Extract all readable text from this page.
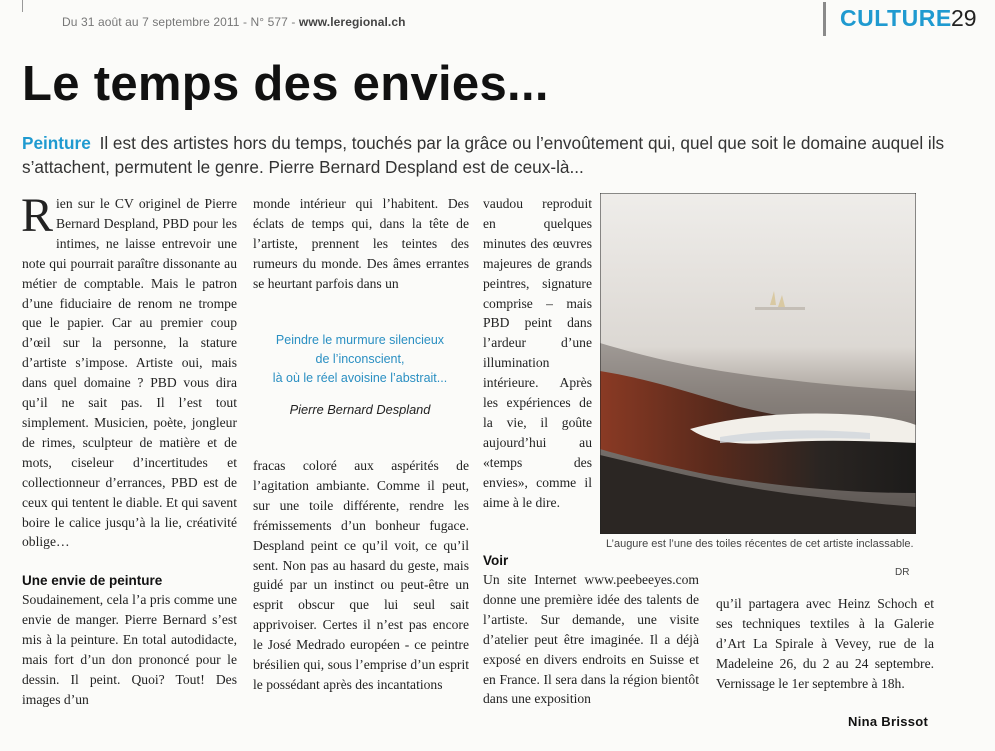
Du 31 août au 7 septembre 2011 - N° 577 - www.leregional.ch	CULTURE 29
Le temps des envies...
Peinture Il est des artistes hors du temps, touchés par la grâce ou l’envoûtement qui, quel que soit le domaine auquel ils s’attachent, permutent le genre. Pierre Bernard Despland est de ceux-là...

Rien sur le CV originel de Pierre Bernard Despland, PBD pour les intimes, ne laisse entrevoir une note qui pourrait paraître dissonante au métier de comptable. Mais le patron d’une fiduciaire de renom ne trompe que le papier. Car au premier coup d’œil sur la personne, la stature d’artiste s’impose. Artiste oui, mais dans quel domaine ? PBD vous dira qu’il ne sait pas. Il l’est tout simplement. Musicien, poète, jongleur de rimes, sculpteur de matière et de mots, ciseleur d’incertitudes et collectionneur d’errances, PBD est de ceux qui tentent le diable. Et qui savent boire le calice jusqu’à la lie, créativité oblige…

Une envie de peinture

Soudainement, cela l’a pris comme une envie de manger. Pierre Bernard s’est mis à la peinture. En total autodidacte, mais fort d’un don prononcé pour le dessin. Il peint. Quoi? Tout! Des images d’un

monde intérieur qui l’habitent. Des éclats de temps qui, dans la tête de l’artiste, prennent les teintes des rumeurs du monde. Des âmes errantes se heurtant parfois dans un
Peindre le murmure silencieux
de l’inconscient,
là où le réel avoisine l’abstrait...
Pierre Bernard Despland
fracas coloré aux aspérités de l’agitation ambiante. Comme il peut, sur une toile différente, rendre les frémissements d’un bonheur fugace. Despland peint ce qu’il voit, ce qu’il sent. Non pas au hasard du geste, mais guidé par un instinct ou peut-être un esprit obscur que lui seul sait apprivoiser. Certes il n’est pas encore le José Medrado européen - ce peintre brésilien qui, sous l’emprise d’un esprit le possédant après des incantations
vaudou reproduit en quelques minutes des œuvres majeures de grands peintres, signature comprise – mais PBD peint dans l’ardeur d’une illumination intérieure. Après les expériences de la vie, il goûte aujourd’hui au «temps des envies», comme il aime à le dire.
Voir

Un site Internet www.peebeeyes.com donne une première idée des talents de l’artiste. Sur demande, une visite d’atelier peut être imaginée. Il a déjà exposé en divers endroits en Suisse et en France. Il sera dans la région bientôt dans une exposition

qu’il partagera avec Heinz Schoch et ses techniques textiles à la Galerie d’Art La Spirale à Vevey, rue de la Madeleine 26, du 2 au 24 septembre. Vernissage le 1er septembre à 18h.
L’augure est l’une des toiles récentes de cet artiste inclassable.
DR
Nina Brissot
